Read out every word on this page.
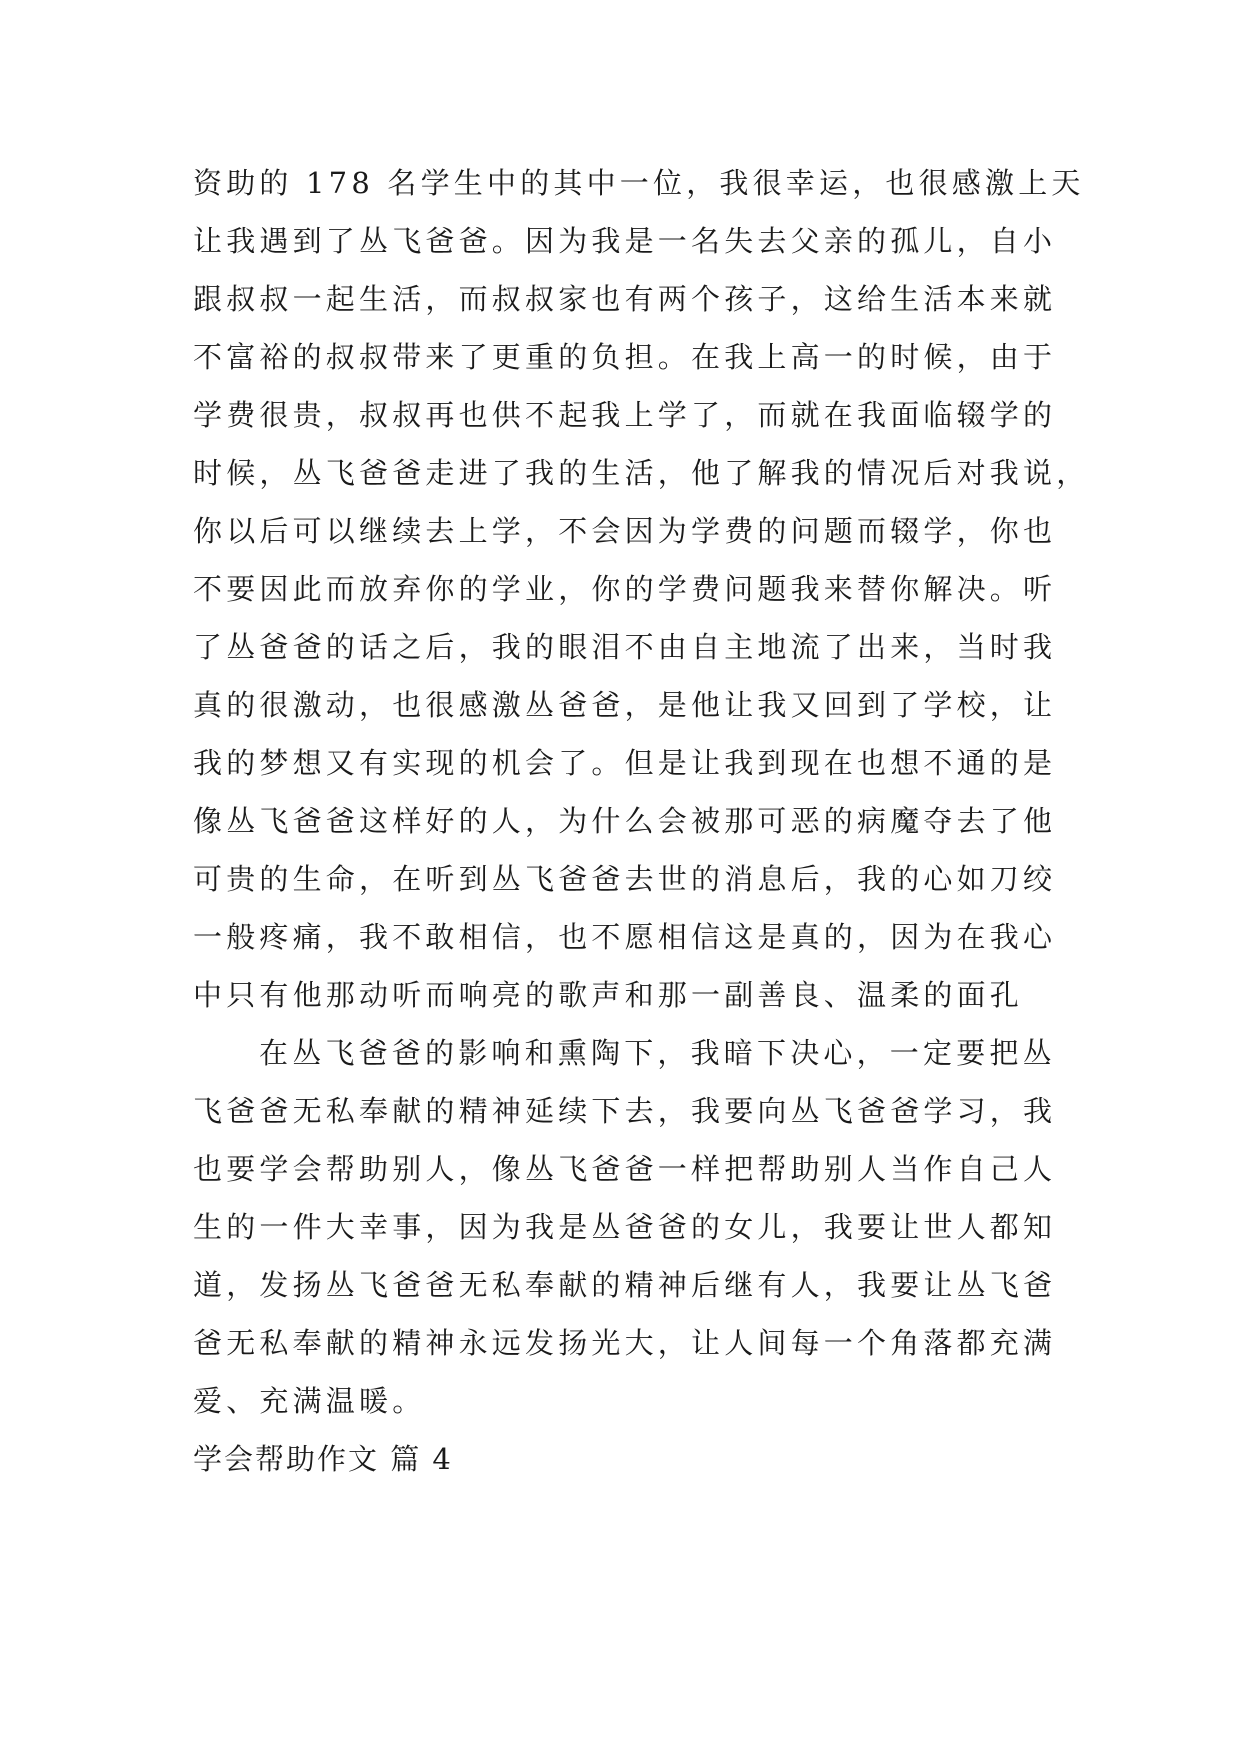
资助的 178 名学生中的其中一位，我很幸运，也很感激上天
让我遇到了丛飞爸爸。因为我是一名失去父亲的孤儿，自小
跟叔叔一起生活，而叔叔家也有两个孩子，这给生活本来就
不富裕的叔叔带来了更重的负担。在我上高一的时候，由于
学费很贵，叔叔再也供不起我上学了，而就在我面临辍学的
时候，丛飞爸爸走进了我的生活，他了解我的情况后对我说，
你以后可以继续去上学，不会因为学费的问题而辍学，你也
不要因此而放弃你的学业，你的学费问题我来替你解决。听
了丛爸爸的话之后，我的眼泪不由自主地流了出来，当时我
真的很激动，也很感激丛爸爸，是他让我又回到了学校，让
我的梦想又有实现的机会了。但是让我到现在也想不通的是
像丛飞爸爸这样好的人，为什么会被那可恶的病魔夺去了他
可贵的生命，在听到丛飞爸爸去世的消息后，我的心如刀绞
一般疼痛，我不敢相信，也不愿相信这是真的，因为在我心
中只有他那动听而响亮的歌声和那一副善良、温柔的面孔
在丛飞爸爸的影响和熏陶下，我暗下决心，一定要把丛
飞爸爸无私奉献的精神延续下去，我要向丛飞爸爸学习，我
也要学会帮助别人，像丛飞爸爸一样把帮助别人当作自己人
生的一件大幸事，因为我是丛爸爸的女儿，我要让世人都知
道，发扬丛飞爸爸无私奉献的精神后继有人，我要让丛飞爸
爸无私奉献的精神永远发扬光大，让人间每一个角落都充满
爱、充满温暖。
学会帮助作文 篇 4
